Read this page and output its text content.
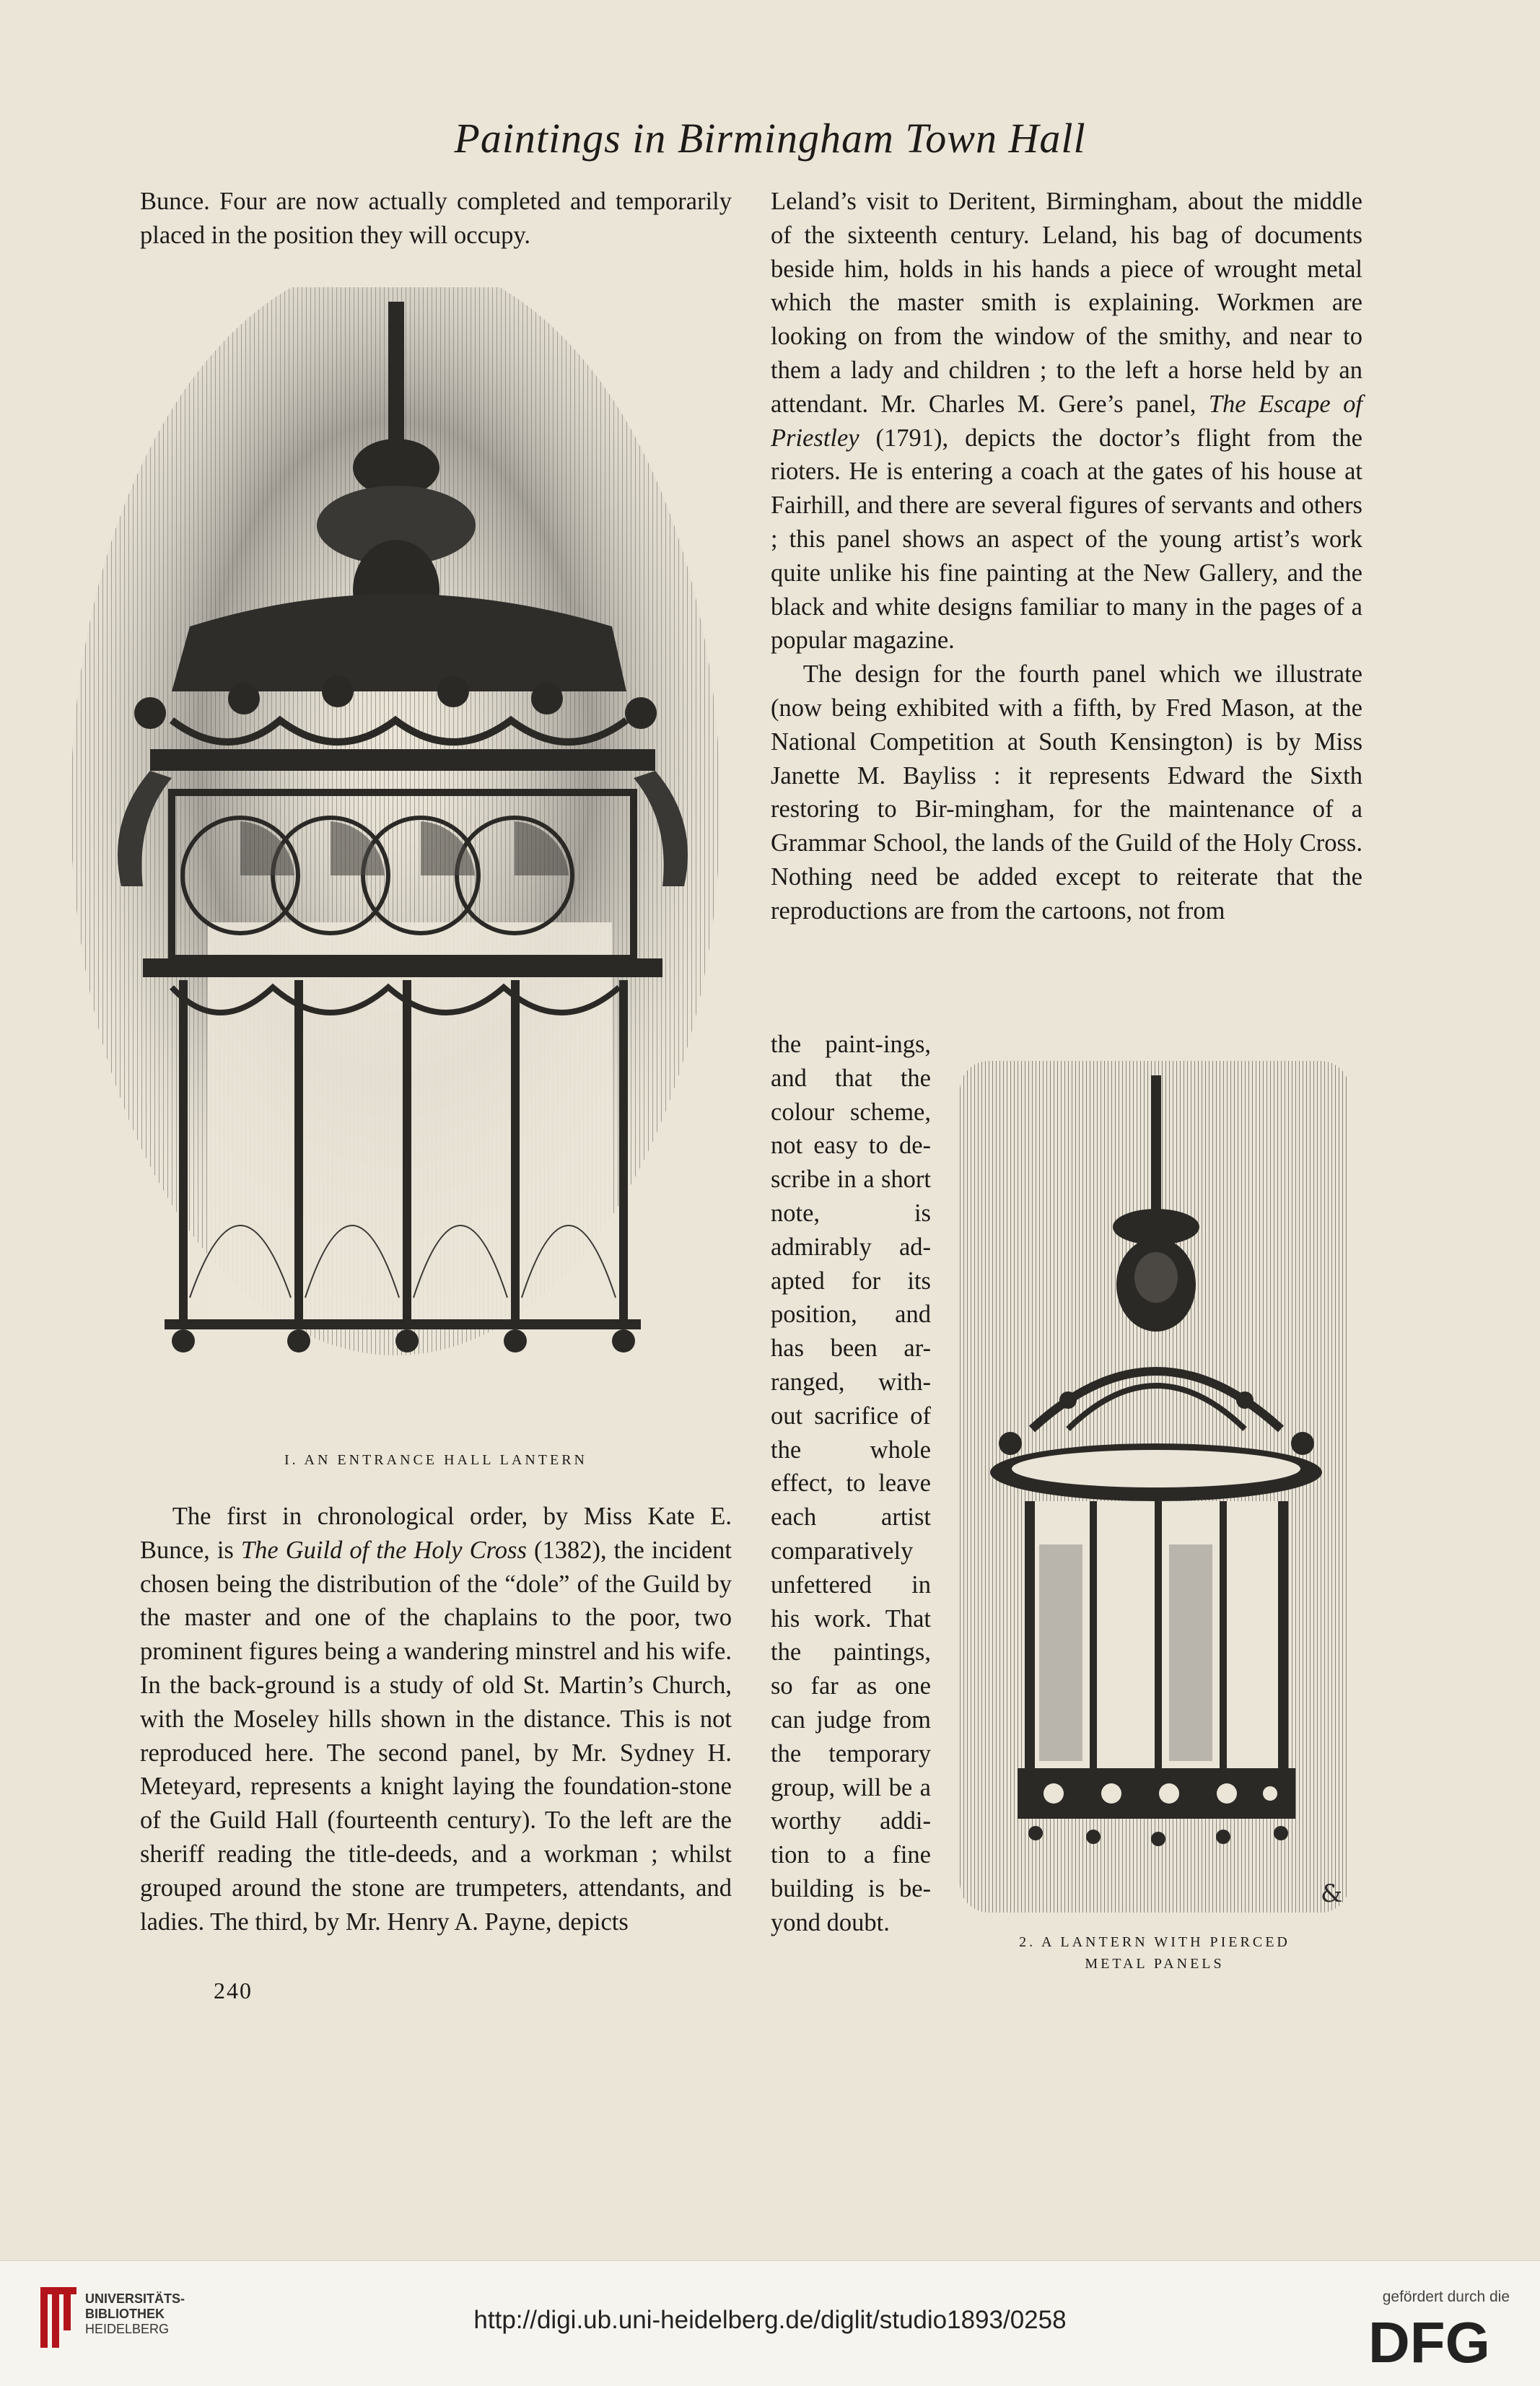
Paintings in Birmingham Town Hall

Bunce. Four are now actually completed and temporarily placed in the position they will occupy.

I. AN ENTRANCE HALL LANTERN

The first in chronological order, by Miss Kate E. Bunce, is The Guild of the Holy Cross (1382), the incident chosen being the distribution of the “dole” of the Guild by the master and one of the chaplains to the poor, two prominent figures being a wandering minstrel and his wife. In the back-ground is a study of old St. Martin’s Church, with the Moseley hills shown in the distance. This is not reproduced here. The second panel, by Mr. Sydney H. Meteyard, represents a knight laying the foundation-stone of the Guild Hall (fourteenth century). To the left are the sheriff reading the title-deeds, and a workman ; whilst grouped around the stone are trumpeters, attendants, and ladies. The third, by Mr. Henry A. Payne, depicts

240

Leland’s visit to Deritent, Birmingham, about the middle of the sixteenth century. Leland, his bag of documents beside him, holds in his hands a piece of wrought metal which the master smith is explaining. Workmen are looking on from the window of the smithy, and near to them a lady and children ; to the left a horse held by an attendant. Mr. Charles M. Gere’s panel, The Escape of Priestley (1791), depicts the doctor’s flight from the rioters. He is entering a coach at the gates of his house at Fairhill, and there are several figures of servants and others ; this panel shows an aspect of the young artist’s work quite unlike his fine painting at the New Gallery, and the black and white designs familiar to many in the pages of a popular magazine.

The design for the fourth panel which we illustrate (now being exhibited with a fifth, by Fred Mason, at the National Competition at South Kensington) is by Miss Janette M. Bayliss : it represents Edward the Sixth restoring to Bir-mingham, for the maintenance of a Grammar School, the lands of the Guild of the Holy Cross. Nothing need be added except to reiterate that the reproductions are from the cartoons, not from

the paint-ings, and that the colour scheme, not easy to de-scribe in a short note, is admirably ad-apted for its position, and has been ar-ranged, with-out sacrifice of the whole effect, to leave each artist comparatively unfettered in his work. That the paintings, so far as one can judge from the temporary group, will be a worthy addi-tion to a fine building is be-yond doubt.

&
2. A LANTERN WITH PIERCED
METAL PANELS
UNIVERSITÄTS-
BIBLIOTHEK
HEIDELBERG	http://digi.ub.uni-heidelberg.de/diglit/studio1893/0258
gefördert durch die
DFG
